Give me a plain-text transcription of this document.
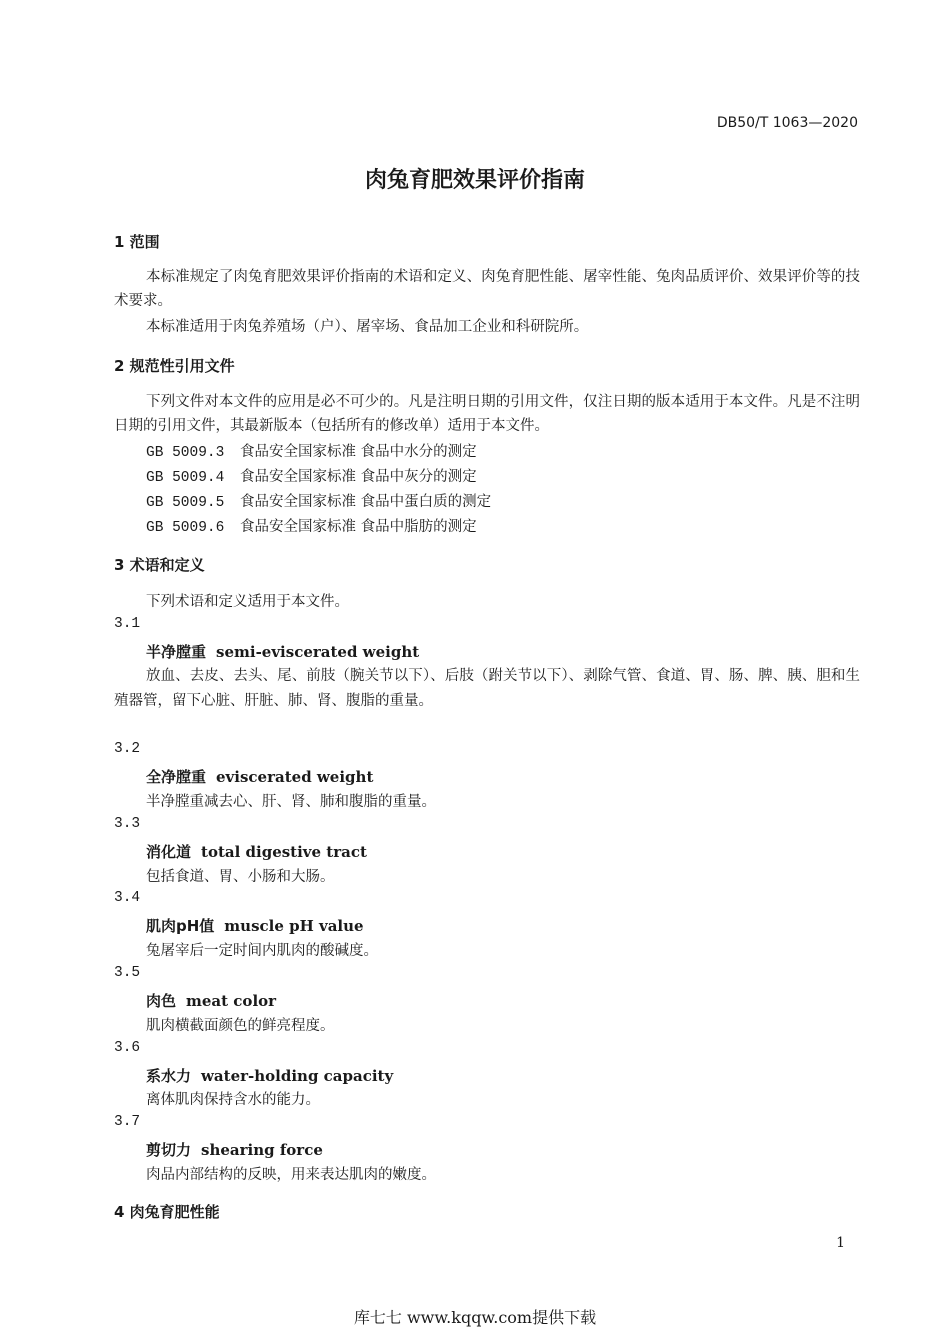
DB50/T 1063—2020
肉兔育肥效果评价指南
1 范围
本标准规定了肉兔育肥效果评价指南的术语和定义、肉兔育肥性能、屠宰性能、兔肉品质评价、效果评价等的技术要求。
本标准适用于肉兔养殖场（户）、屠宰场、食品加工企业和科研院所。
2 规范性引用文件
下列文件对本文件的应用是必不可少的。凡是注明日期的引用文件，仅注日期的版本适用于本文件。凡是不注明日期的引用文件，其最新版本（包括所有的修改单）适用于本文件。
GB 5009.3 食品安全国家标准 食品中水分的测定
GB 5009.4 食品安全国家标准 食品中灰分的测定
GB 5009.5 食品安全国家标准 食品中蛋白质的测定
GB 5009.6 食品安全国家标准 食品中脂肪的测定
3 术语和定义
下列术语和定义适用于本文件。
3.1
半净膛重 semi-eviscerated weight
放血、去皮、去头、尾、前肢（腕关节以下）、后肢（跗关节以下）、剥除气管、食道、胃、肠、脾、胰、胆和生殖器管，留下心脏、肝脏、肺、肾、腹脂的重量。
3.2
全净膛重 eviscerated weight
半净膛重减去心、肝、肾、肺和腹脂的重量。
3.3
消化道 total digestive tract
包括食道、胃、小肠和大肠。
3.4
肌肉pH值 muscle pH value
兔屠宰后一定时间内肌肉的酸碱度。
3.5
肉色 meat color
肌肉横截面颜色的鲜亮程度。
3.6
系水力 water-holding capacity
离体肌肉保持含水的能力。
3.7
剪切力 shearing force
肉品内部结构的反映，用来表达肌肉的嫩度。
4 肉兔育肥性能
1
库七七 www.kqqw.com提供下载
